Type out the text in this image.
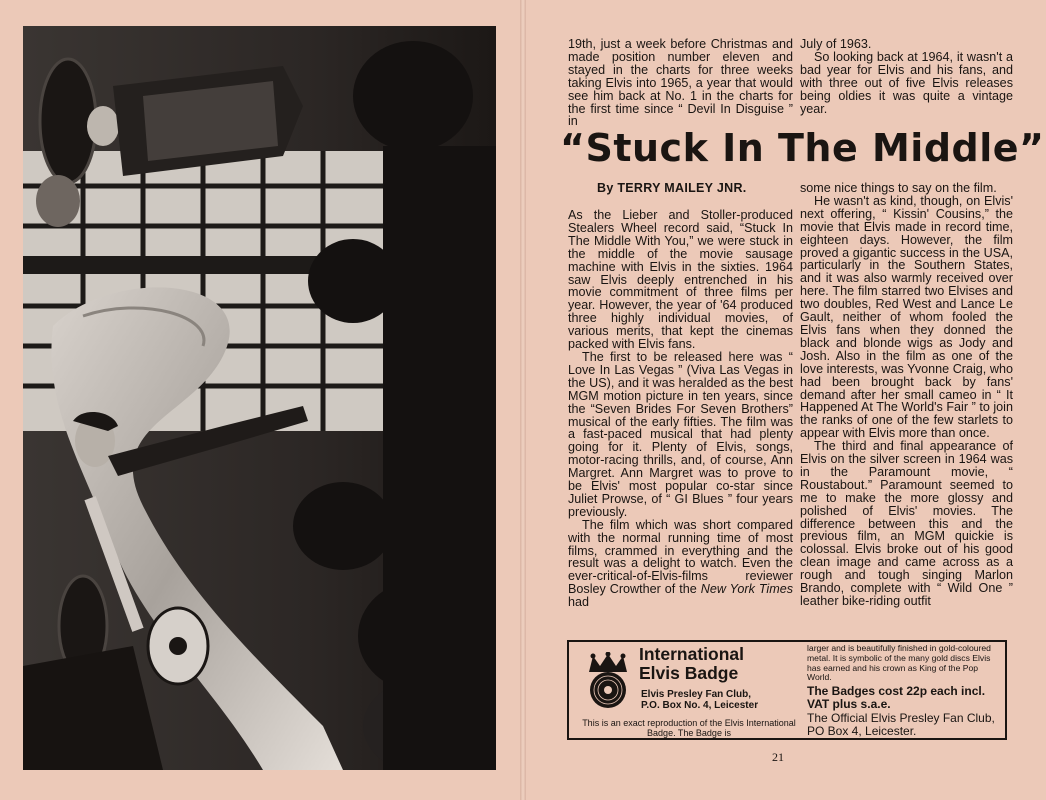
19th, just a week before Christmas and made position number eleven and stayed in the charts for three weeks taking Elvis into 1965, a year that would see him back at No. 1 in the charts for the first time since “ Devil In Disguise ” in

July of 1963.

So looking back at 1964, it wasn't a bad year for Elvis and his fans, and with three out of five Elvis releases being oldies it was quite a vintage year.

“Stuck In The Middle”
By TERRY MAILEY JNR.

As the Lieber and Stoller-produced Stealers Wheel record said, “Stuck In The Middle With You,” we were stuck in the middle of the movie sausage machine with Elvis in the sixties. 1964 saw Elvis deeply entrenched in his movie commitment of three films per year. However, the year of '64 produced three highly individual movies, of various merits, that kept the cinemas packed with Elvis fans.

The first to be released here was “ Love In Las Vegas ” (Viva Las Vegas in the US), and it was heralded as the best MGM motion picture in ten years, since the “Seven Brides For Seven Brothers” musical of the early fifties. The film was a fast-paced musical that had plenty going for it. Plenty of Elvis, songs, motor-racing thrills, and, of course, Ann Margret. Ann Margret was to prove to be Elvis' most popular co-star since Juliet Prowse, of “ GI Blues ” four years previously.

The film which was short compared with the normal running time of most films, crammed in everything and the result was a delight to watch. Even the ever-critical-of-Elvis-films reviewer Bosley Crowther of the New York Times had

some nice things to say on the film.

He wasn't as kind, though, on Elvis' next offering, “ Kissin' Cousins,” the movie that Elvis made in record time, eighteen days. However, the film proved a gigantic success in the USA, particularly in the Southern States, and it was also warmly received over here. The film starred two Elvises and two doubles, Red West and Lance Le Gault, neither of whom fooled the Elvis fans when they donned the black and blonde wigs as Jody and Josh. Also in the film as one of the love interests, was Yvonne Craig, who had been brought back by fans' demand after her small cameo in “ It Happened At The World's Fair ” to join the ranks of one of the few starlets to appear with Elvis more than once.

The third and final appearance of Elvis on the silver screen in 1964 was in the Paramount movie, “ Roustabout.” Paramount seemed to me to make the more glossy and polished of Elvis' movies. The difference between this and the previous film, an MGM quickie is colossal. Elvis broke out of his good clean image and came across as a rough and tough singing Marlon Brando, complete with “ Wild One ” leather bike-riding outfit

International
Elvis Badge
Elvis Presley Fan Club,
P.O. Box No. 4, Leicester
This is an exact reproduction of the Elvis International Badge. The Badge is
larger and is beautifully finished in gold-coloured metal. It is symbolic of the many gold discs Elvis has earned and his crown as King of the Pop World.
The Badges cost 22p each incl. VAT plus s.a.e.
The Official Elvis Presley Fan Club, PO Box 4, Leicester.
21
